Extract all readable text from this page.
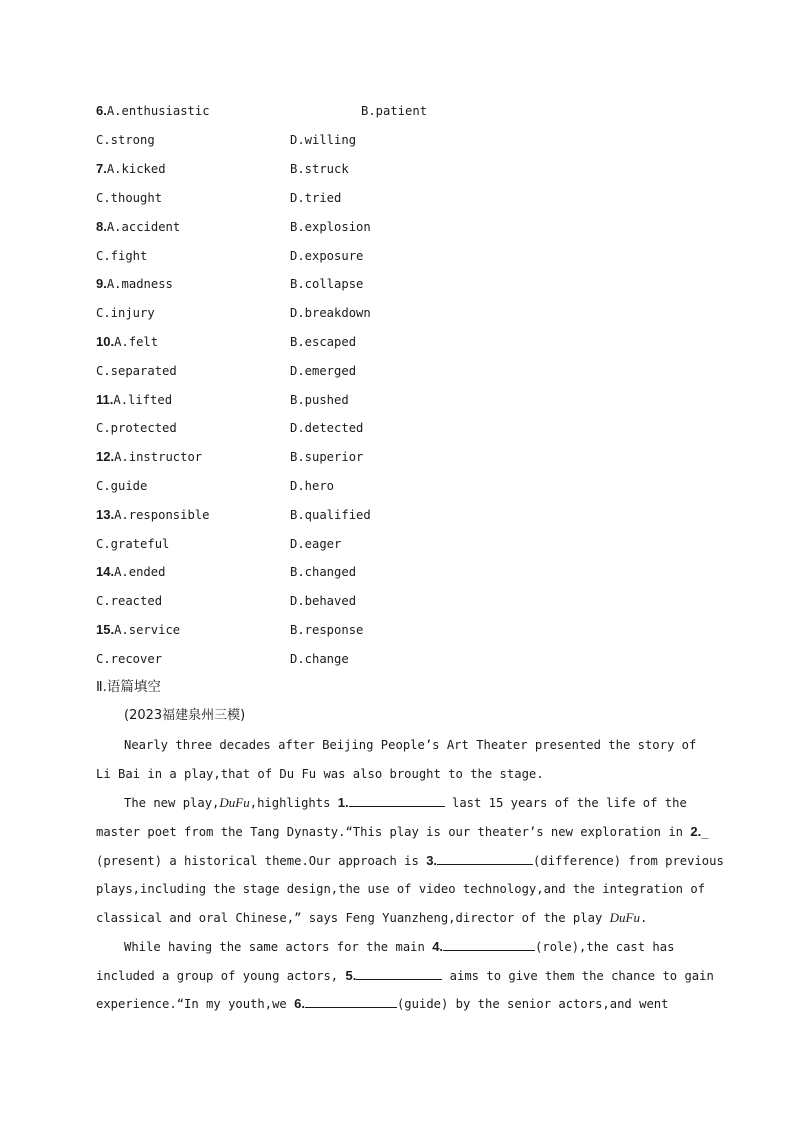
6.A.enthusiastic	B.patient
C.strong	D.willing
7.A.kicked	B.struck
C.thought	D.tried
8.A.accident	B.explosion
C.fight	D.exposure
9.A.madness	B.collapse
C.injury	D.breakdown
10.A.felt	B.escaped
C.separated	D.emerged
11.A.lifted	B.pushed
C.protected	D.detected
12.A.instructor	B.superior
C.guide	D.hero
13.A.responsible	B.qualified
C.grateful	D.eager
14.A.ended	B.changed
C.reacted	D.behaved
15.A.service	B.response
C.recover	D.change
Ⅱ.语篇填空
(2023福建泉州三模)
Nearly three decades after Beijing People’s Art Theater presented the story of
Li Bai in a play,that of Du Fu was also brought to the stage.
The new play,DuFu,highlights 1.	last 15 years of the life of the
master poet from the Tang Dynasty.“This play is our theater’s new exploration in 2._
(present) a historical theme.Our approach is 3.	(difference) from previous
plays,including the stage design,the use of video technology,and the integration of
classical and oral Chinese,” says Feng Yuanzheng,director of the play DuFu.
While having the same actors for the main 4.	(role),the cast has
included a group of young actors, 5.	aims to give them the chance to gain
experience.“In my youth,we 6.	(guide) by the senior actors,and went
